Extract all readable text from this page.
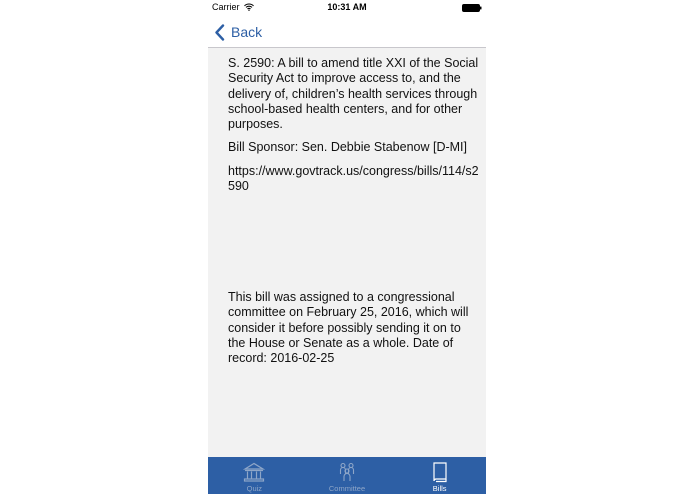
Carrier	10:31 AM
Back

S. 2590: A bill to amend title XXI of the Social Security Act to improve access to, and the delivery of, children’s health services through school-based health centers, and for other purposes.

Bill Sponsor: Sen. Debbie Stabenow [D-MI]

https://www.govtrack.us/congress/bills/114/s2590

This bill was assigned to a congressional committee on February 25, 2016, which will consider it before possibly sending it on to the House or Senate as a whole. Date of record: 2016-02-25

Quiz	Committee	Bills
